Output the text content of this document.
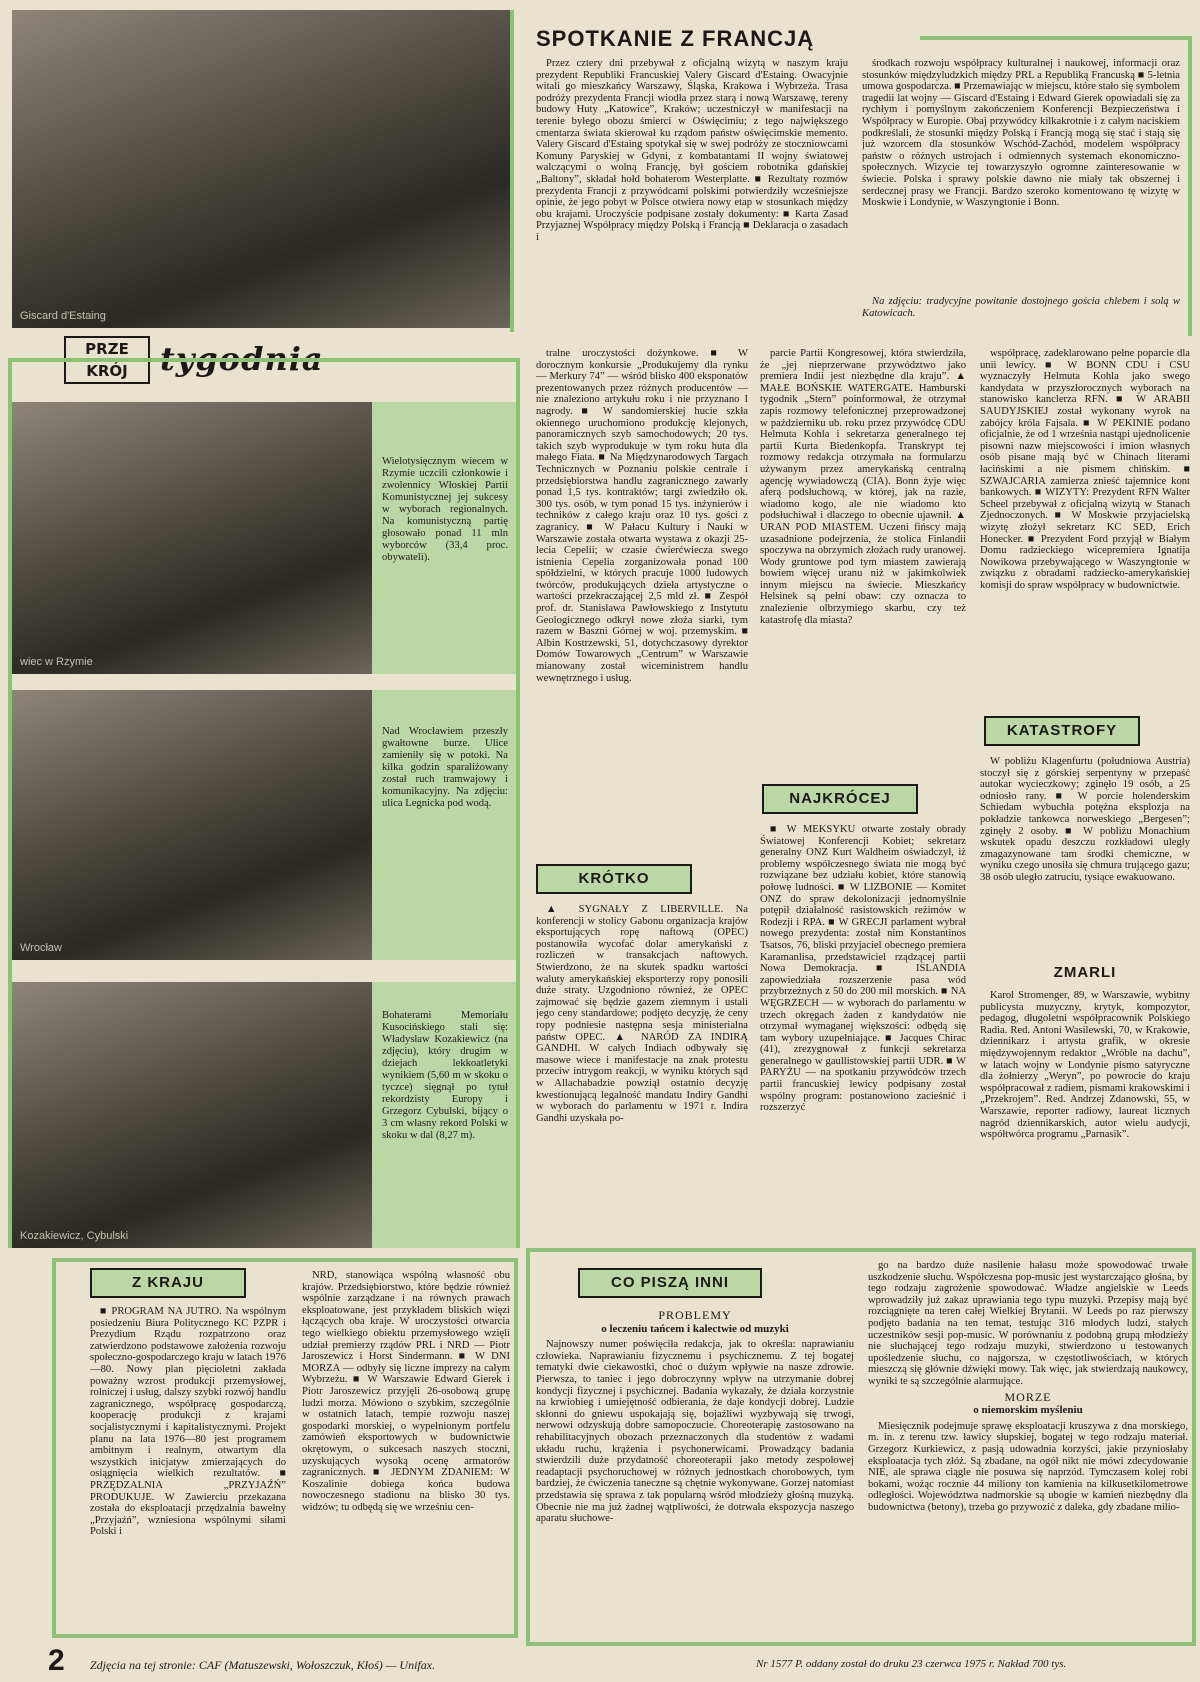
Giscard d'Estaing
SPOTKANIE Z FRANCJĄ

Przez cztery dni przebywał z oficjalną wizytą w naszym kraju prezydent Republiki Francuskiej Valery Giscard d'Estaing. Owacyjnie witali go mieszkańcy Warszawy, Śląska, Krakowa i Wybrzeża. Trasa podróży prezydenta Francji wiodła przez starą i nową Warszawę, tereny budowy Huty „Katowice”, Kraków; uczestniczył w manifestacji na terenie byłego obozu śmierci w Oświęcimiu; z tego największego cmentarza świata skierował ku rządom państw oświęcimskie memento. Valery Giscard d'Estaing spotykał się w swej podróży ze stoczniowcami Komuny Paryskiej w Gdyni, z kombatantami II wojny światowej walczącymi o wolną Francję, był gościem robotnika gdańskiej „Baltony”, składał hołd bohaterom Westerplatte. ■ Rezultaty rozmów prezydenta Francji z przywódcami polskimi potwierdziły wcześniejsze opinie, że jego pobyt w Polsce otwiera nowy etap w stosunkach między obu krajami. Uroczyście podpisane zostały dokumenty: ■ Karta Zasad Przyjaznej Współpracy między Polską i Francją ■ Deklaracja o zasadach i

środkach rozwoju współpracy kulturalnej i naukowej, informacji oraz stosunków międzyludzkich między PRL a Republiką Francuską ■ 5-letnia umowa gospodarcza. ■ Przemawiając w miejscu, które stało się symbolem tragedii lat wojny — Giscard d'Estaing i Edward Gierek opowiadali się za rychłym i pomyślnym zakończeniem Konferencji Bezpieczeństwa i Współpracy w Europie. Obaj przywódcy kilkakrotnie i z całym naciskiem podkreślali, że stosunki między Polską i Francją mogą się stać i stają się już wzorcem dla stosunków Wschód-Zachód, modelem współpracy państw o różnych ustrojach i odmiennych systemach ekonomiczno-społecznych. Wizycie tej towarzyszyło ogromne zainteresowanie w świecie. Polska i sprawy polskie dawno nie miały tak obszernej i serdecznej prasy we Francji. Bardzo szeroko komentowano tę wizytę w Moskwie i Londynie, w Waszyngtonie i Bonn.

Na zdjęciu: tradycyjne powitanie dostojnego gościa chlebem i solą w Katowicach.

PRZE
KRÓJ	tygodnia
wiec w Rzymie
Wielotysięcznym wiecem w Rzymie uczcili członkowie i zwolennicy Włoskiej Partii Komunistycznej jej sukcesy w wyborach regionalnych. Na komunistyczną partię głosowało ponad 11 mln wyborców (33,4 proc. obywateli).
Wrocław
Nad Wrocławiem przeszły gwałtowne burze. Ulice zamieniły się w potoki. Na kilka godzin sparaliżowany został ruch tramwajowy i komunikacyjny. Na zdjęciu: ulica Legnicka pod wodą.
Kozakiewicz, Cybulski
Bohaterami Memoriału Kusocińskiego stali się: Władysław Kozakiewicz (na zdjęciu), który drugim w dziejach lekkoatletyki wynikiem (5,60 m w skoku o tyczce) sięgnął po tytuł rekordzisty Europy i Grzegorz Cybulski, bijący o 3 cm własny rekord Polski w skoku w dal (8,27 m).

tralne uroczystości dożynkowe. ■ W dorocznym konkursie „Produkujemy dla rynku — Merkury 74” — wśród blisko 400 eksponatów prezentowanych przez różnych producentów — nie znaleziono artykułu roku i nie przyznano I nagrody. ■ W sandomierskiej hucie szkła okiennego uruchomiono produkcję klejonych, panoramicznych szyb samochodowych; 20 tys. takich szyb wyprodukuje w tym roku huta dla małego Fiata. ■ Na Międzynarodowych Targach Technicznych w Poznaniu polskie centrale i przedsiębiorstwa handlu zagranicznego zawarły ponad 1,5 tys. kontraktów; targi zwiedziło ok. 300 tys. osób, w tym ponad 15 tys. inżynierów i techników z całego kraju oraz 10 tys. gości z zagranicy. ■ W Pałacu Kultury i Nauki w Warszawie została otwarta wystawa z okazji 25-lecia Cepelii; w czasie ćwierćwiecza swego istnienia Cepelia zorganizowała ponad 100 spółdzielni, w których pracuje 1000 ludowych twórców, produkujących dzieła artystyczne o wartości przekraczającej 2,5 mld zł. ■ Zespół prof. dr. Stanisława Pawłowskiego z Instytutu Geologicznego odkrył nowe złoża siarki, tym razem w Baszni Górnej w woj. przemyskim. ■ Albin Kostrzewski, 51, dotychczasowy dyrektor Domów Towarowych „Centrum” w Warszawie mianowany został wiceministrem handlu wewnętrznego i usług.

KRÓTKO

▲ SYGNAŁY Z LIBERVILLE. Na konferencji w stolicy Gabonu organizacja krajów eksportujących ropę naftową (OPEC) postanowiła wycofać dolar amerykański z rozliczeń w transakcjach naftowych. Stwierdzono, że na skutek spadku wartości waluty amerykańskiej eksporterzy ropy ponosili duże straty. Uzgodniono również, że OPEC zajmować się będzie gazem ziemnym i ustali jego ceny standardowe; podjęto decyzję, że ceny ropy podniesie następna sesja ministerialna państw OPEC. ▲ NARÓD ZA INDIRĄ GANDHI. W całych Indiach odbywały się masowe wiece i manifestacje na znak protestu przeciw intrygom reakcji, w wyniku których sąd w Allachabadzie powziął ostatnio decyzję kwestionującą legalność mandatu Indiry Gandhi w wyborach do parlamentu w 1971 r. Indira Gandhi uzyskała po-

parcie Partii Kongresowej, która stwierdziła, że „jej nieprzerwane przywództwo jako premiera Indii jest niezbędne dla kraju”. ▲ MAŁE BOŃSKIE WATERGATE. Hamburski tygodnik „Stern” poinformował, że otrzymał zapis rozmowy telefonicznej przeprowadzonej w październiku ub. roku przez przywódcę CDU Helmuta Kohla i sekretarza generalnego tej partii Kurta Biedenkopfa. Transkrypt tej rozmowy redakcja otrzymała na formularzu używanym przez amerykańską centralną agencję wywiadowczą (CIA). Bonn żyje więc aferą podsłuchową, w której, jak na razie, wiadomo kogo, ale nie wiadomo kto podsłuchiwał i dlaczego to obecnie ujawnił. ▲ URAN POD MIASTEM. Uczeni fińscy mają uzasadnione podejrzenia, że stolica Finlandii spoczywa na obrzymich złożach rudy uranowej. Wody gruntowe pod tym miastem zawierają bowiem więcej uranu niż w jakimkolwiek innym miejscu na świecie. Mieszkańcy Helsinek są pełni obaw: czy oznacza to znalezienie olbrzymiego skarbu, czy też katastrofę dla miasta?

NAJKRÓCEJ

■ W MEKSYKU otwarte zostały obrady Światowej Konferencji Kobiet; sekretarz generalny ONZ Kurt Waldheim oświadczył, iż problemy współczesnego świata nie mogą być rozwiązane bez udziału kobiet, które stanowią połowę ludności. ■ W LIZBONIE — Komitet ONZ do spraw dekolonizacji jednomyślnie potępił działalność rasistowskich reżimów w Rodezji i RPA. ■ W GRECJI parlament wybrał nowego prezydenta: został nim Konstantinos Tsatsos, 76, bliski przyjaciel obecnego premiera Karamanlisa, przedstawiciel rządzącej partii Nowa Demokracja. ■ ISLANDIA zapowiedziała rozszerzenie pasa wód przybrzeżnych z 50 do 200 mil morskich. ■ NA WĘGRZECH — w wyborach do parlamentu w trzech okręgach żaden z kandydatów nie otrzymał wymaganej większości: odbędą się tam wybory uzupełniające. ■ Jacques Chirac (41), zrezygnował z funkcji sekretarza generalnego w gaullistowskiej partii UDR. ■ W PARYŻU — na spotkaniu przywódców trzech partii francuskiej lewicy podpisany został wspólny program: postanowiono zacieśnić i rozszerzyć

współpracę, zadeklarowano pełne poparcie dla unii lewicy. ■ W BONN CDU i CSU wyznaczyły Helmuta Kohla jako swego kandydata w przyszłorocznych wyborach na stanowisko kanclerza RFN. ■ W ARABII SAUDYJSKIEJ został wykonany wyrok na zabójcy króla Fajsala. ■ W PEKINIE podano oficjalnie, że od 1 września nastąpi ujednolicenie pisowni nazw miejscowości i imion własnych osób pisane mają być w Chinach literami łacińskimi a nie pismem chińskim. ■ SZWAJCARIA zamierza znieść tajemnice kont bankowych. ■ WIZYTY: Prezydent RFN Walter Scheel przebywał z oficjalną wizytą w Stanach Zjednoczonych. ■ W Moskwie przyjacielską wizytę złożył sekretarz KC SED, Erich Honecker. ■ Prezydent Ford przyjął w Białym Domu radzieckiego wicepremiera Ignatija Nowikowa przebywającego w Waszyngtonie w związku z obradami radziecko-amerykańskiej komisji do spraw współpracy w budownictwie.

KATASTROFY

W pobliżu Klagenfurtu (południowa Austria) stoczył się z górskiej serpentyny w przepaść autokar wycieczkowy; zginęło 19 osób, a 25 odniosło rany. ■ W porcie holenderskim Schiedam wybuchła potężna eksplozja na pokładzie tankowca norweskiego „Bergesen”; zginęły 2 osoby. ■ W pobliżu Monachium wskutek opadu deszczu rozkładowi uległy zmagazynowane tam środki chemiczne, w wyniku czego unosiła się chmura trującego gazu; 38 osób uległo zatruciu, tysiące ewakuowano.

ZMARLI

Karol Stromenger, 89, w Warszawie, wybitny publicysta muzyczny, krytyk, kompozytor, pedagog, długoletni współpracownik Polskiego Radia. Red. Antoni Wasilewski, 70, w Krakowie, dziennikarz i artysta grafik, w okresie międzywojennym redaktor „Wróble na dachu”, w latach wojny w Londynie pismo satyryczne dla żołnierzy „Weryn”, po powrocie do kraju współpracował z radiem, pismami krakowskimi i „Przekrojem”. Red. Andrzej Zdanowski, 55, w Warszawie, reporter radiowy, laureat licznych nagród dziennikarskich, autor wielu audycji, współtwórca programu „Parnasik”.

Z KRAJU

■ PROGRAM NA JUTRO. Na wspólnym posiedzeniu Biura Politycznego KC PZPR i Prezydium Rządu rozpatrzono oraz zatwierdzono podstawowe założenia rozwoju społeczno-gospodarczego kraju w latach 1976—80. Nowy plan pięcioletni zakłada poważny wzrost produkcji przemysłowej, rolniczej i usług, dalszy szybki rozwój handlu zagranicznego, współpracę gospodarczą, kooperację produkcji z krajami socjalistycznymi i kapitalistycznymi. Projekt planu na lata 1976—80 jest programem ambitnym i realnym, otwartym dla wszystkich inicjatyw zmierzających do osiągnięcia wielkich rezultatów. ■ PRZĘDZALNIA „PRZYJAŹŃ” PRODUKUJE. W Zawierciu przekazana została do eksploatacji przędzalnia bawełny „Przyjaźń”, wzniesiona wspólnymi siłami Polski i

NRD, stanowiąca wspólną własność obu krajów. Przedsiębiorstwo, które będzie również wspólnie zarządzane i na równych prawach eksploatowane, jest przykładem bliskich więzi łączących oba kraje. W uroczystości otwarcia tego wielkiego obiektu przemysłowego wzięli udział premierzy rządów PRL i NRD — Piotr Jaroszewicz i Horst Sindermann. ■ W DNI MORZA — odbyły się liczne imprezy na całym Wybrzeżu. ■ W Warszawie Edward Gierek i Piotr Jaroszewicz przyjęli 26-osobową grupę ludzi morza. Mówiono o szybkim, szczególnie w ostatnich latach, tempie rozwoju naszej gospodarki morskiej, o wypełnionym portfelu zamówień eksportowych w budownictwie okrętowym, o sukcesach naszych stoczni, uzyskujących wysoką ocenę armatorów zagranicznych. ■ JEDNYM ZDANIEM: W Koszalinie dobiega końca budowa nowoczesnego stadionu na blisko 30 tys. widzów; tu odbędą się we wrześniu cen-

CO PISZĄ INNI
PROBLEMY
o leczeniu tańcem i kalectwie od muzyki

Najnowszy numer poświęciła redakcja, jak to określa: naprawianiu człowieka. Naprawianiu fizycznemu i psychicznemu. Z tej bogatej tematyki dwie ciekawostki, choć o dużym wpływie na nasze zdrowie. Pierwsza, to taniec i jego dobroczynny wpływ na utrzymanie dobrej kondycji fizycznej i psychicznej. Badania wykazały, że działa korzystnie na krwiobieg i umiejętność odbierania, że daje kondycji dobrej. Ludzie skłonni do gniewu uspokajają się, bojaźliwi wyzbywają się trwogi, nerwowi odzyskują dobre samopoczucie. Choreoterapię zastosowano na rehabilitacyjnych obozach przeznaczonych dla studentów z wadami układu ruchu, krążenia i psychonerwicami. Prowadzący badania stwierdzili duże przydatność choreoterapii jako metody zespołowej readaptacji psychoruchowej w różnych jednostkach chorobowych, tym bardziej, że ćwiczenia taneczne są chętnie wykonywane. Gorzej natomiast przedstawia się sprawa z tak popularną wśród młodzieży głośną muzyką. Obecnie nie ma już żadnej wątpliwości, że dotrwała ekspozycja naszego aparatu słuchowe-

go na bardzo duże nasilenie hałasu może spowodować trwałe uszkodzenie słuchu. Współczesna pop-music jest wystarczająco głośna, by tego rodzaju zagrożenie spowodować. Władze angielskie w Leeds wprowadziły już zakaz uprawiania tego typu muzyki. Przepisy mają być rozciągnięte na teren całej Wielkiej Brytanii. W Leeds po raz pierwszy podjęto badania na ten temat, testując 316 młodych ludzi, stałych uczestników sesji pop-music. W porównaniu z podobną grupą młodzieży nie słuchającej tego rodzaju muzyki, stwierdzono u testowanych upośledzenie słuchu, co najgorsza, w częstotliwościach, w których mieszczą się głównie dźwięki mowy. Tak więc, jak stwierdzają naukowcy, wyniki te są szczególnie alarmujące.

MORZE
o niemorskim myśleniu

Miesięcznik podejmuje sprawę eksploatacji kruszywa z dna morskiego, m. in. z terenu tzw. ławicy słupskiej, bogatej w tego rodzaju materiał. Grzegorz Kurkiewicz, z pasją udowadnia korzyści, jakie przyniosłaby eksploatacja tych złóż. Są zbadane, na ogół nikt nie mówi zdecydowanie NIE, ale sprawa ciągle nie posuwa się naprzód. Tymczasem kolej robi bokami, wożąc rocznie 44 miliony ton kamienia na kilkusetkilometrowe odległości. Województwa nadmorskie są ubogie w kamień niezbędny dla budownictwa (betony), trzeba go przywozić z daleka, gdy zbadane milio-

2 Zdjęcia na tej stronie: CAF (Matuszewski, Wołoszczuk, Kłoś) — Unifax.	Nr 1577 P. oddany został do druku 23 czerwca 1975 r. Nakład 700 tys.
